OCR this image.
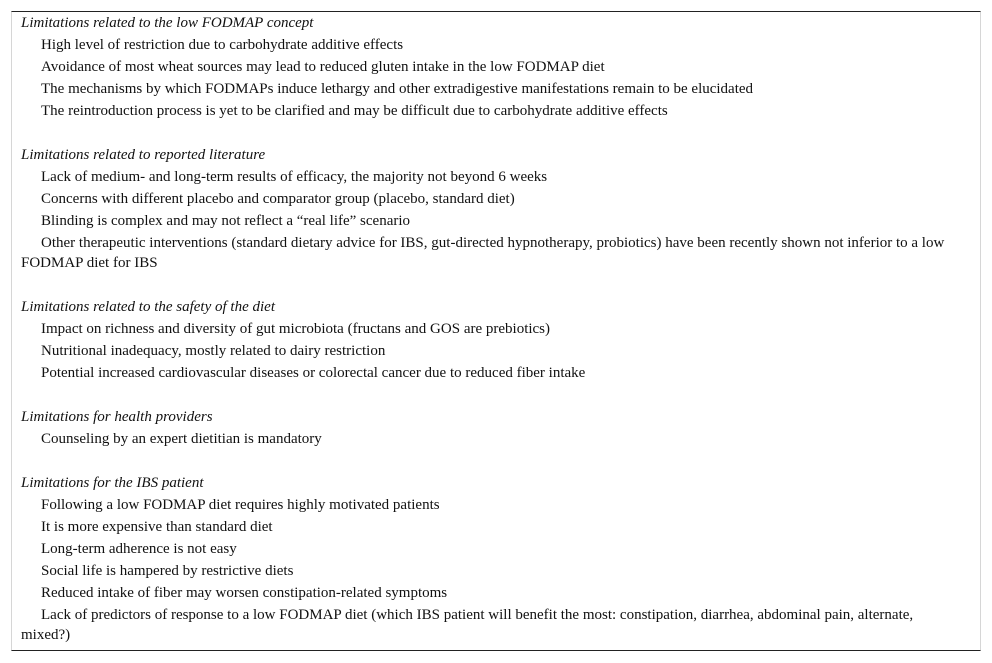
Limitations related to the low FODMAP concept
High level of restriction due to carbohydrate additive effects
Avoidance of most wheat sources may lead to reduced gluten intake in the low FODMAP diet
The mechanisms by which FODMAPs induce lethargy and other extradigestive manifestations remain to be elucidated
The reintroduction process is yet to be clarified and may be difficult due to carbohydrate additive effects
Limitations related to reported literature
Lack of medium- and long-term results of efficacy, the majority not beyond 6 weeks
Concerns with different placebo and comparator group (placebo, standard diet)
Blinding is complex and may not reflect a “real life” scenario
Other therapeutic interventions (standard dietary advice for IBS, gut-directed hypnotherapy, probiotics) have been recently shown not inferior to a low FODMAP diet for IBS
Limitations related to the safety of the diet
Impact on richness and diversity of gut microbiota (fructans and GOS are prebiotics)
Nutritional inadequacy, mostly related to dairy restriction
Potential increased cardiovascular diseases or colorectal cancer due to reduced fiber intake
Limitations for health providers
Counseling by an expert dietitian is mandatory
Limitations for the IBS patient
Following a low FODMAP diet requires highly motivated patients
It is more expensive than standard diet
Long-term adherence is not easy
Social life is hampered by restrictive diets
Reduced intake of fiber may worsen constipation-related symptoms
Lack of predictors of response to a low FODMAP diet (which IBS patient will benefit the most: constipation, diarrhea, abdominal pain, alternate, mixed?)
